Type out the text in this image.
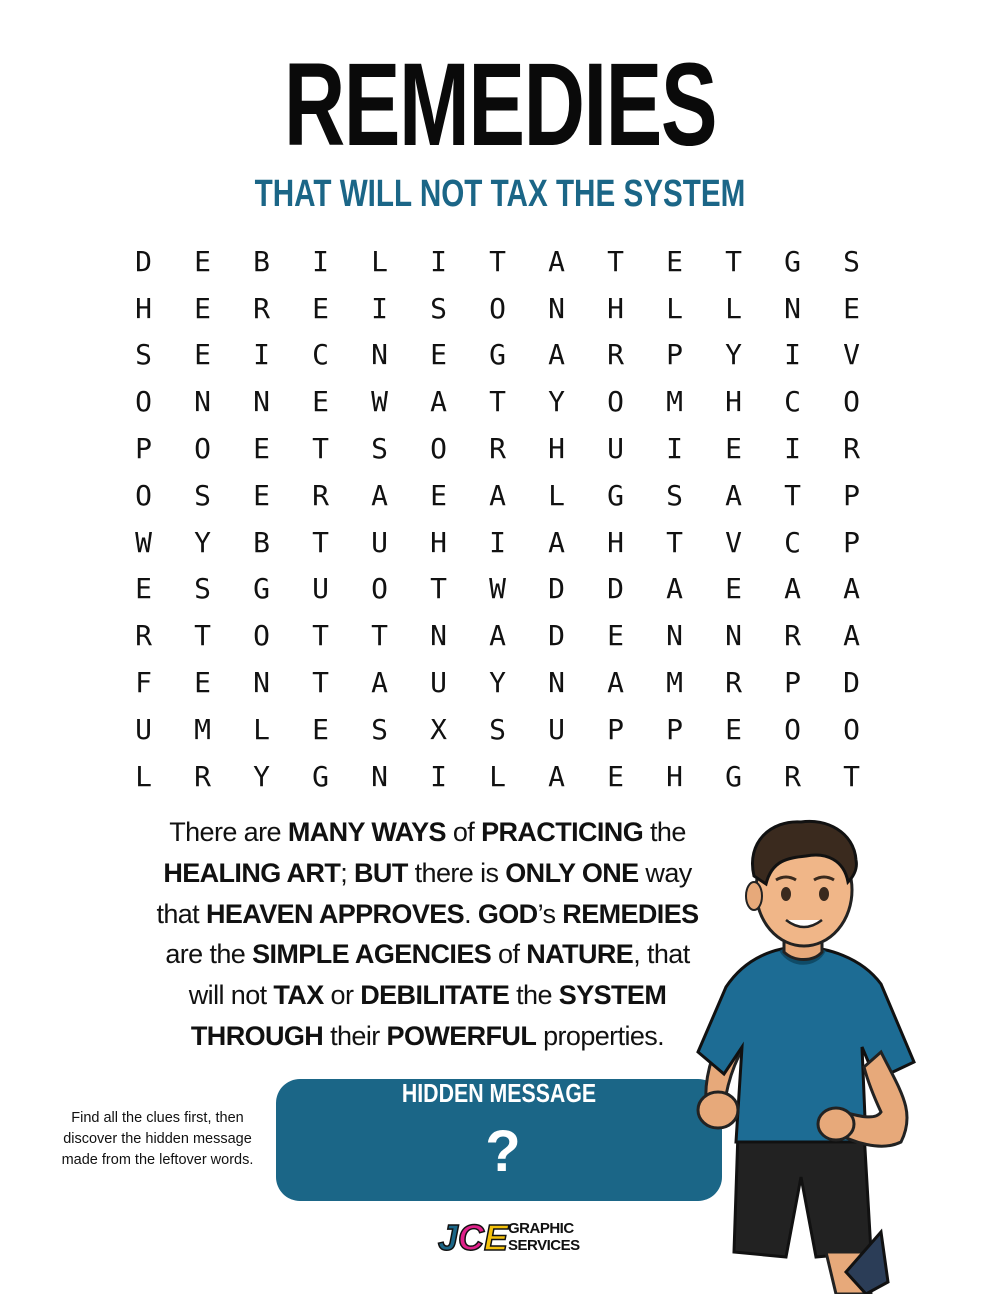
REMEDIES
THAT WILL NOT TAX THE SYSTEM
D	E	B	I	L	I	T	A	T	E	T	G	S
H	E	R	E	I	S	O	N	H	L	L	N	E
S	E	I	C	N	E	G	A	R	P	Y	I	V
O	N	N	E	W	A	T	Y	O	M	H	C	O
P	O	E	T	S	O	R	H	U	I	E	I	R
O	S	E	R	A	E	A	L	G	S	A	T	P
W	Y	B	T	U	H	I	A	H	T	V	C	P
E	S	G	U	O	T	W	D	D	A	E	A	A
R	T	O	T	T	N	A	D	E	N	N	R	A
F	E	N	T	A	U	Y	N	A	M	R	P	D
U	M	L	E	S	X	S	U	P	P	E	O	O
L	R	Y	G	N	I	L	A	E	H	G	R	T
There are MANY WAYS of PRACTICING the HEALING ART; BUT there is ONLY ONE way that HEAVEN APPROVES. GOD’s REMEDIES are the SIMPLE AGENCIES of NATURE, that will not TAX or DEBILITATE the SYSTEM THROUGH their POWERFUL properties.
Find all the clues first, then discover the hidden message made from the leftover words.
HIDDEN MESSAGE
?
JCE GRAPHIC
SERVICES
